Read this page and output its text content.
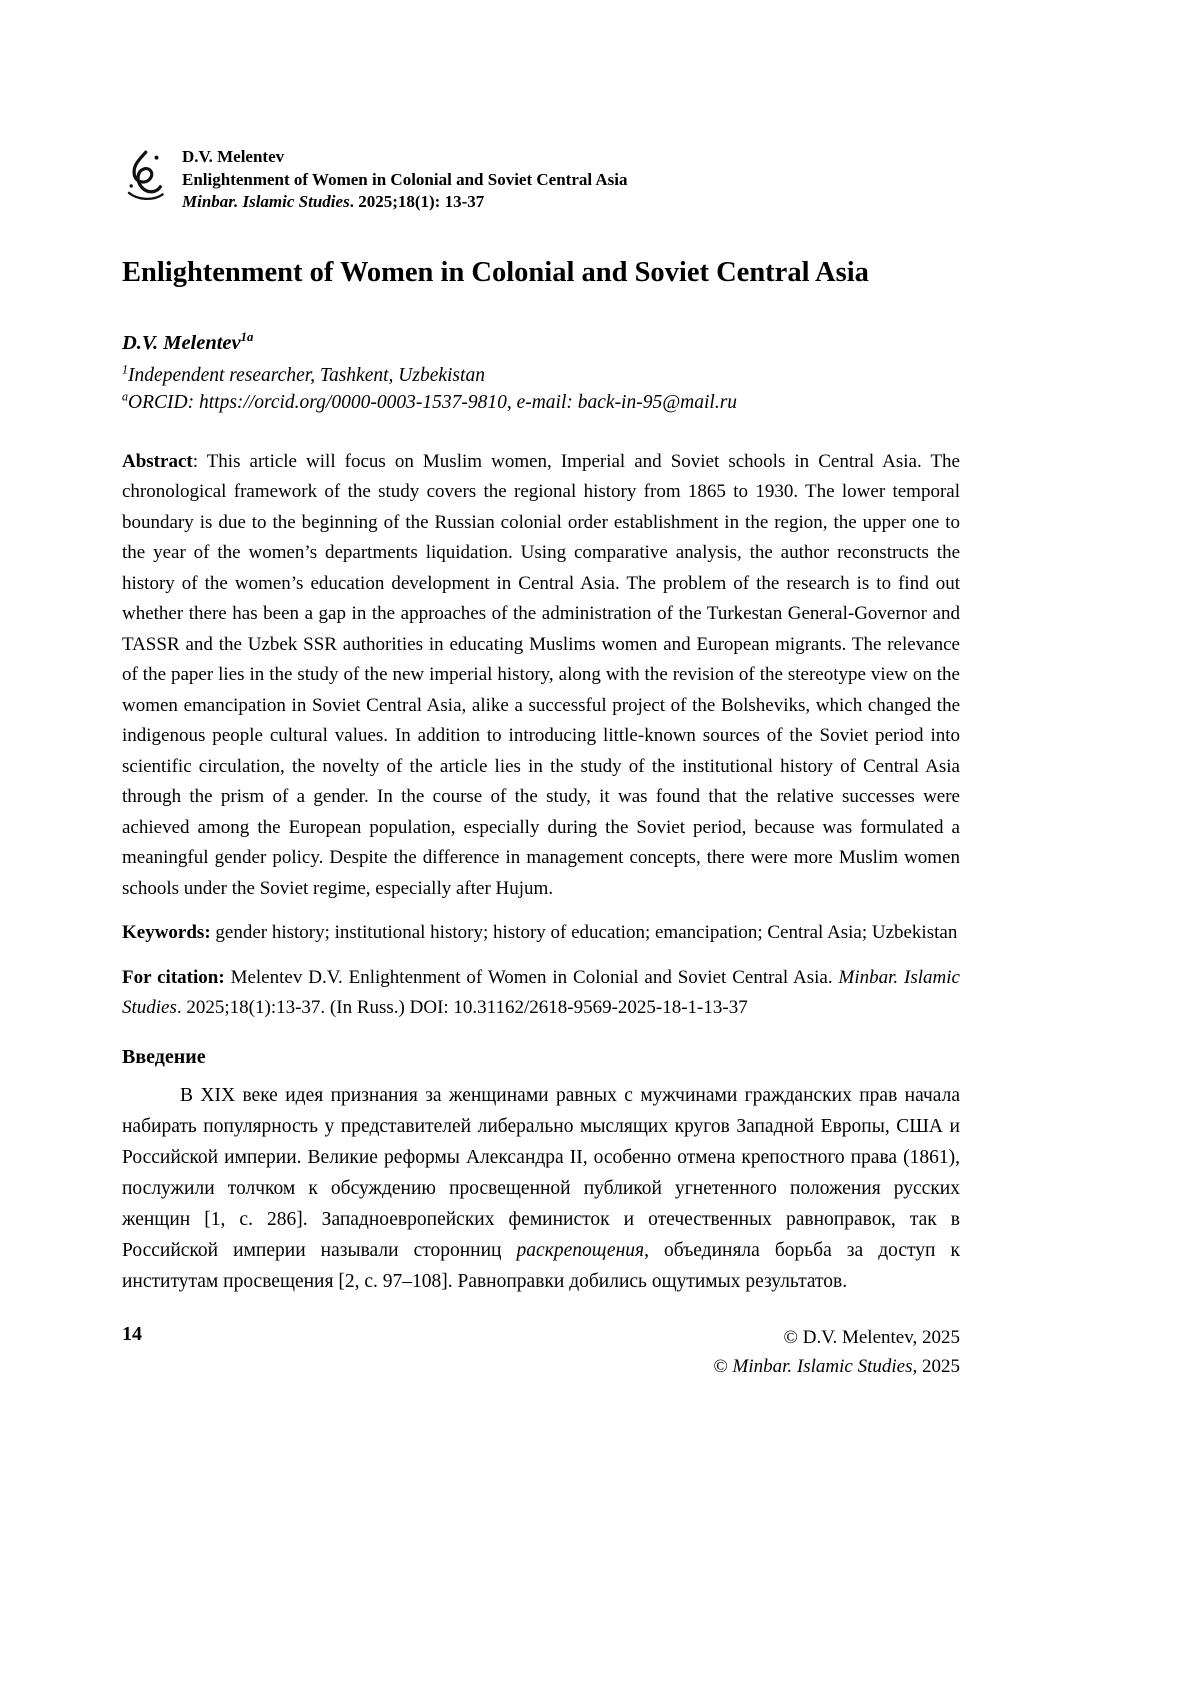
D.V. Melentev
Enlightenment of Women in Colonial and Soviet Central Asia
Minbar. Islamic Studies. 2025;18(1): 13-37
Enlightenment of Women in Colonial and Soviet Central Asia
D.V. Melentev$^{1a}$
$^1$Independent researcher, Tashkent, Uzbekistan
$^a$ORCID: https://orcid.org/0000-0003-1537-9810, e-mail: back-in-95@mail.ru

Abstract: This article will focus on Muslim women, Imperial and Soviet schools in Central Asia. The chronological framework of the study covers the regional history from 1865 to 1930. The lower temporal boundary is due to the beginning of the Russian colonial order establishment in the region, the upper one to the year of the women’s departments liquidation. Using comparative analysis, the author reconstructs the history of the women’s education development in Central Asia. The problem of the research is to find out whether there has been a gap in the approaches of the administration of the Turkestan General-Governor and TASSR and the Uzbek SSR authorities in educating Muslims women and European migrants. The relevance of the paper lies in the study of the new imperial history, along with the revision of the stereotype view on the women emancipation in Soviet Central Asia, alike a successful project of the Bolsheviks, which changed the indigenous people cultural values. In addition to introducing little-known sources of the Soviet period into scientific circulation, the novelty of the article lies in the study of the institutional history of Central Asia through the prism of a gender. In the course of the study, it was found that the relative successes were achieved among the European population, especially during the Soviet period, because was formulated a meaningful gender policy. Despite the difference in management concepts, there were more Muslim women schools under the Soviet regime, especially after Hujum.

Keywords: gender history; institutional history; history of education; emancipation; Central Asia; Uzbekistan

For citation: Melentev D.V. Enlightenment of Women in Colonial and Soviet Central Asia. Minbar. Islamic Studies. 2025;18(1):13-37. (In Russ.) DOI: 10.31162/2618-9569-2025-18-1-13-37

Введение

В XIX веке идея признания за женщинами равных с мужчинами гражданских прав начала набирать популярность у представителей либерально мыслящих кругов Западной Европы, США и Российской империи. Великие реформы Александра II, особенно отмена крепостного права (1861), послужили толчком к обсуждению просвещенной публикой угнетенного положения русских женщин [1, с. 286]. Западноевропейских феминисток и отечественных равноправок, так в Российской империи называли сторонниц раскрепощения, объединяла борьба за доступ к институтам просвещения [2, с. 97–108]. Равноправки добились ощутимых результатов.

14	© D.V. Melentev, 2025
© Minbar. Islamic Studies, 2025
